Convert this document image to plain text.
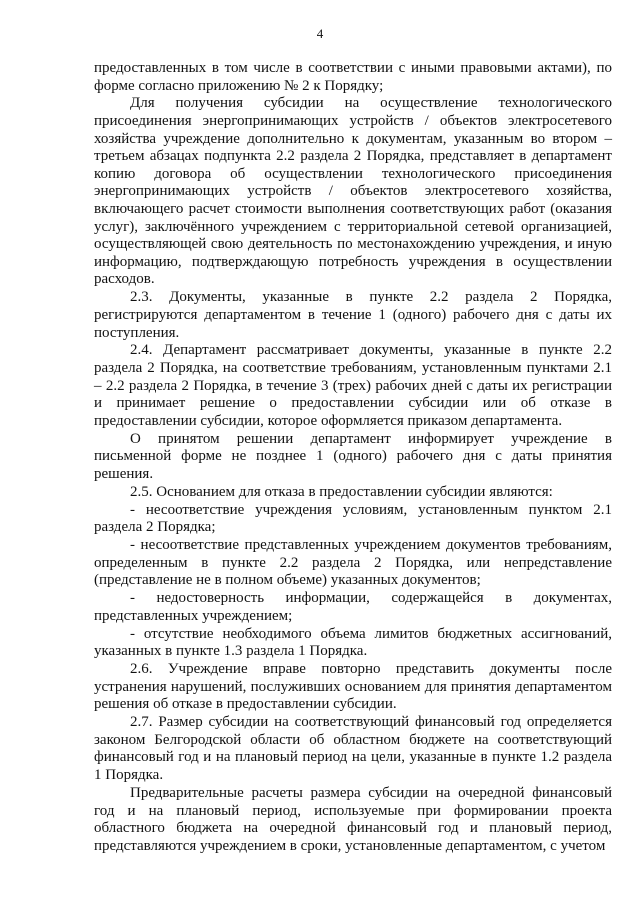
4

предоставленных в том числе в соответствии с иными правовыми актами), по форме согласно приложению № 2 к Порядку;

Для получения субсидии на осуществление технологического присоединения энергопринимающих устройств / объектов электросетевого хозяйства учреждение дополнительно к документам, указанным во втором – третьем абзацах подпункта 2.2 раздела 2 Порядка, представляет в департамент копию договора об осуществлении технологического присоединения энергопринимающих устройств / объектов электросетевого хозяйства, включающего расчет стоимости выполнения соответствующих работ (оказания услуг), заключённого учреждением с территориальной сетевой организацией, осуществляющей свою деятельность по местонахождению учреждения, и иную информацию, подтверждающую потребность учреждения в осуществлении расходов.

2.3. Документы, указанные в пункте 2.2 раздела 2 Порядка, регистрируются департаментом в течение 1 (одного) рабочего дня с даты их поступления.

2.4. Департамент рассматривает документы, указанные в пункте 2.2 раздела 2 Порядка, на соответствие требованиям, установленным пунктами 2.1 – 2.2 раздела 2 Порядка, в течение 3 (трех) рабочих дней с даты их регистрации и принимает решение о предоставлении субсидии или об отказе в предоставлении субсидии, которое оформляется приказом департамента.

О принятом решении департамент информирует учреждение в письменной форме не позднее 1 (одного) рабочего дня с даты принятия решения.

2.5. Основанием для отказа в предоставлении субсидии являются:

- несоответствие учреждения условиям, установленным пунктом 2.1 раздела 2 Порядка;

- несоответствие представленных учреждением документов требованиям, определенным в пункте 2.2 раздела 2 Порядка, или непредставление (представление не в полном объеме) указанных документов;

- недостоверность информации, содержащейся в документах, представленных учреждением;

- отсутствие необходимого объема лимитов бюджетных ассигнований, указанных в пункте 1.3 раздела 1 Порядка.

2.6. Учреждение вправе повторно представить документы после устранения нарушений, послуживших основанием для принятия департаментом решения об отказе в предоставлении субсидии.

2.7. Размер субсидии на соответствующий финансовый год определяется законом Белгородской области об областном бюджете на соответствующий финансовый год и на плановый период на цели, указанные в пункте 1.2 раздела 1 Порядка.

Предварительные расчеты размера субсидии на очередной финансовый год и на плановый период, используемые при формировании проекта областного бюджета на очередной финансовый год и плановый период, представляются учреждением в сроки, установленные департаментом, с учетом
